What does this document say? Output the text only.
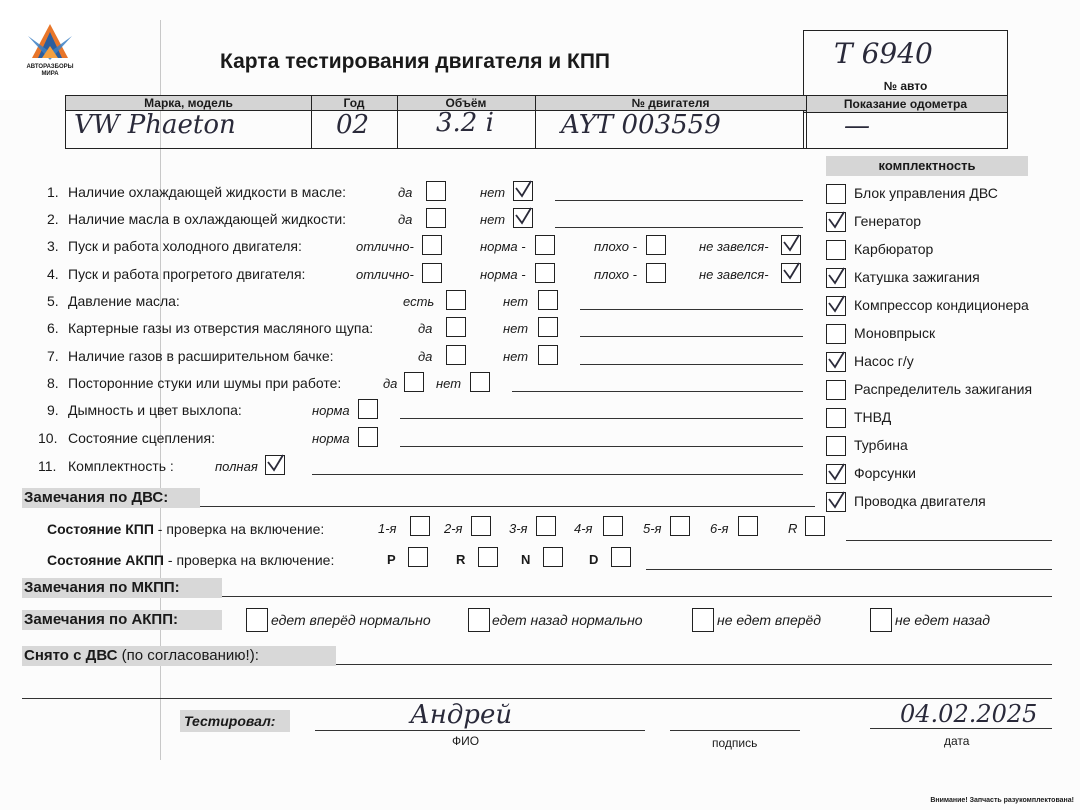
АВТОРАЗБОРЫ
МИРА
Карта тестирования двигателя и КПП	Т 6940
№ авто
Показание одометра
—
Марка, модель	Год	Объём	№ двигателя
VW Phaeton	02	3.2 i	AYT 003559
комплектность
Блок управления ДВС
Генератор
Карбюратор
Катушка зажигания
Компрессор кондиционера
Моновпрыск
Насос г/у
Распределитель зажигания
ТНВД
Турбина
Форсунки
Проводка двигателя
1. Наличие охлаждающей жидкости в масле:	да	нет
2. Наличие масла в охлаждающей жидкости:	да	нет
3. Пуск и работа холодного двигателя:	отлично-	норма -	плохо -	не завелся-
4. Пуск и работа прогретого двигателя:	отлично-	норма -	плохо -	не завелся-
5. Давление масла:	есть	нет
6. Картерные газы из отверстия масляного щупа:	да	нет
7. Наличие газов в расширительном бачке:	да	нет
8. Посторонние стуки или шумы при работе:	да	нет
9. Дымность и цвет выхлопа:	норма
10. Состояние сцепления:	норма
11. Комплектность :	полная
Замечания по ДВС:
Состояние КПП - проверка на включение:	1-я	2-я	3-я	4-я	5-я	6-я	R
Состояние АКПП - проверка на включение:	P	R	N	D
Замечания по МКПП:
Замечания по АКПП:	едет вперёд нормально	едет назад нормально	не едет вперёд	не едет назад
Снято с ДВС (по согласованию!):
Тестировал:	Андрей
ФИО	подпись
04.02.2025
дата
Внимание! Запчасть разукомплектована!
